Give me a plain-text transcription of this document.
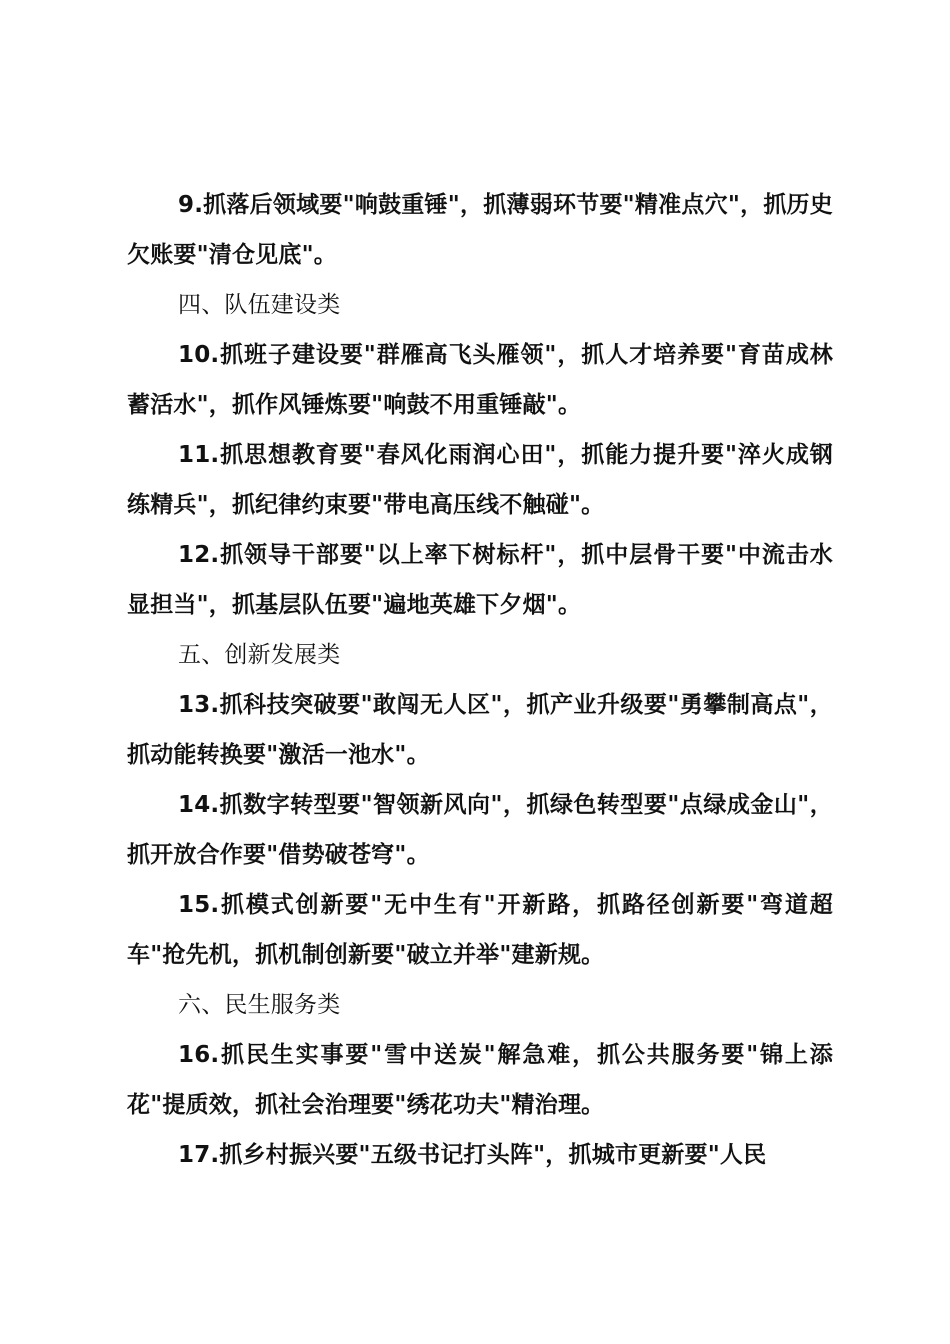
9.抓落后领域要"响鼓重锤"，抓薄弱环节要"精准点穴"，抓历史欠账要"清仓见底"。

四、队伍建设类

10.抓班子建设要"群雁高飞头雁领"，抓人才培养要"育苗成林蓄活水"，抓作风锤炼要"响鼓不用重锤敲"。

11.抓思想教育要"春风化雨润心田"，抓能力提升要"淬火成钢练精兵"，抓纪律约束要"带电高压线不触碰"。

12.抓领导干部要"以上率下树标杆"，抓中层骨干要"中流击水显担当"，抓基层队伍要"遍地英雄下夕烟"。

五、创新发展类

13.抓科技突破要"敢闯无人区"，抓产业升级要"勇攀制高点"，抓动能转换要"激活一池水"。

14.抓数字转型要"智领新风向"，抓绿色转型要"点绿成金山"，抓开放合作要"借势破苍穹"。

15.抓模式创新要"无中生有"开新路，抓路径创新要"弯道超车"抢先机，抓机制创新要"破立并举"建新规。

六、民生服务类

16.抓民生实事要"雪中送炭"解急难，抓公共服务要"锦上添花"提质效，抓社会治理要"绣花功夫"精治理。

17.抓乡村振兴要"五级书记打头阵"，抓城市更新要"人民
